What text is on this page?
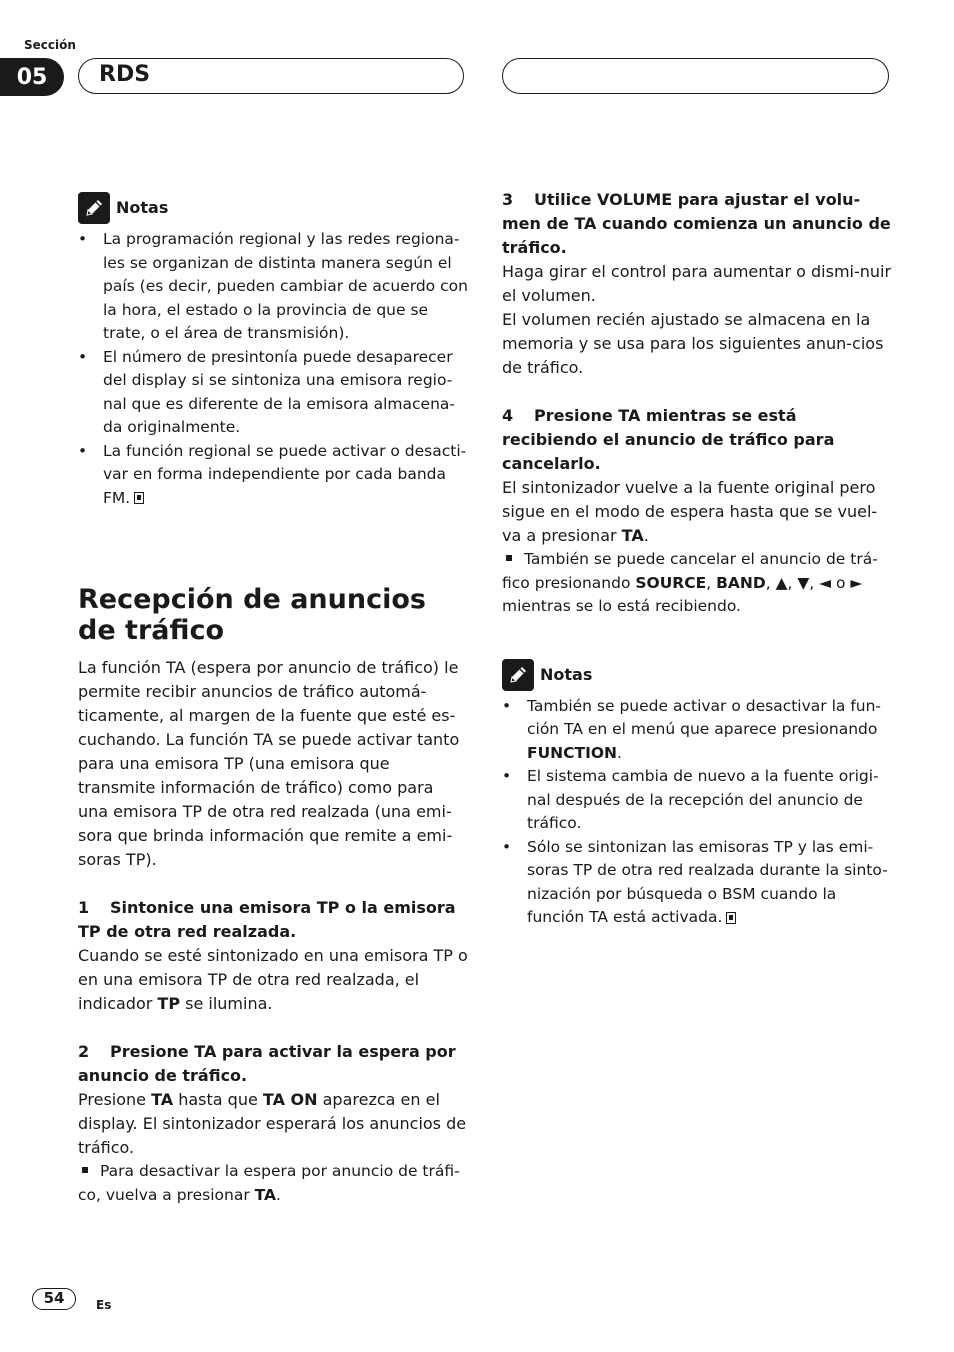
Sección
05	RDS
Notas
• La programación regional y las redes regiona-les se organizan de distinta manera según el país (es decir, pueden cambiar de acuerdo con la hora, el estado o la provincia de que se trate, o el área de transmisión).
• El número de presintonía puede desaparecer del display si se sintoniza una emisora regio-nal que es diferente de la emisora almacena-da originalmente.
• La función regional se puede activar o desacti-var en forma independiente por cada banda FM.
Recepción de anuncios de tráfico

La función TA (espera por anuncio de tráfico) le permite recibir anuncios de tráfico automá-ticamente, al margen de la fuente que esté es-cuchando. La función TA se puede activar tanto para una emisora TP (una emisora que transmite información de tráfico) como para una emisora TP de otra red realzada (una emi-sora que brinda información que remite a emi-soras TP).

1 Sintonice una emisora TP o la emisora TP de otra red realzada.

Cuando se esté sintonizado en una emisora TP o en una emisora TP de otra red realzada, el indicador TP se ilumina.

2 Presione TA para activar la espera por anuncio de tráfico.

Presione TA hasta que TA ON aparezca en el display. El sintonizador esperará los anuncios de tráfico.

Para desactivar la espera por anuncio de tráfi-co, vuelva a presionar TA.

3 Utilice VOLUME para ajustar el volu-men de TA cuando comienza un anuncio de tráfico.

Haga girar el control para aumentar o dismi-nuir el volumen.

El volumen recién ajustado se almacena en la memoria y se usa para los siguientes anun-cios de tráfico.

4 Presione TA mientras se está recibiendo el anuncio de tráfico para cancelarlo.

El sintonizador vuelve a la fuente original pero sigue en el modo de espera hasta que se vuel-va a presionar TA.

También se puede cancelar el anuncio de trá-fico presionando SOURCE, BAND, ▲, ▼, ◄ o ► mientras se lo está recibiendo.

Notas
• También se puede activar o desactivar la fun-ción TA en el menú que aparece presionando FUNCTION.
• El sistema cambia de nuevo a la fuente origi-nal después de la recepción del anuncio de tráfico.
• Sólo se sintonizan las emisoras TP y las emi-soras TP de otra red realzada durante la sinto-nización por búsqueda o BSM cuando la función TA está activada.
54	Es
